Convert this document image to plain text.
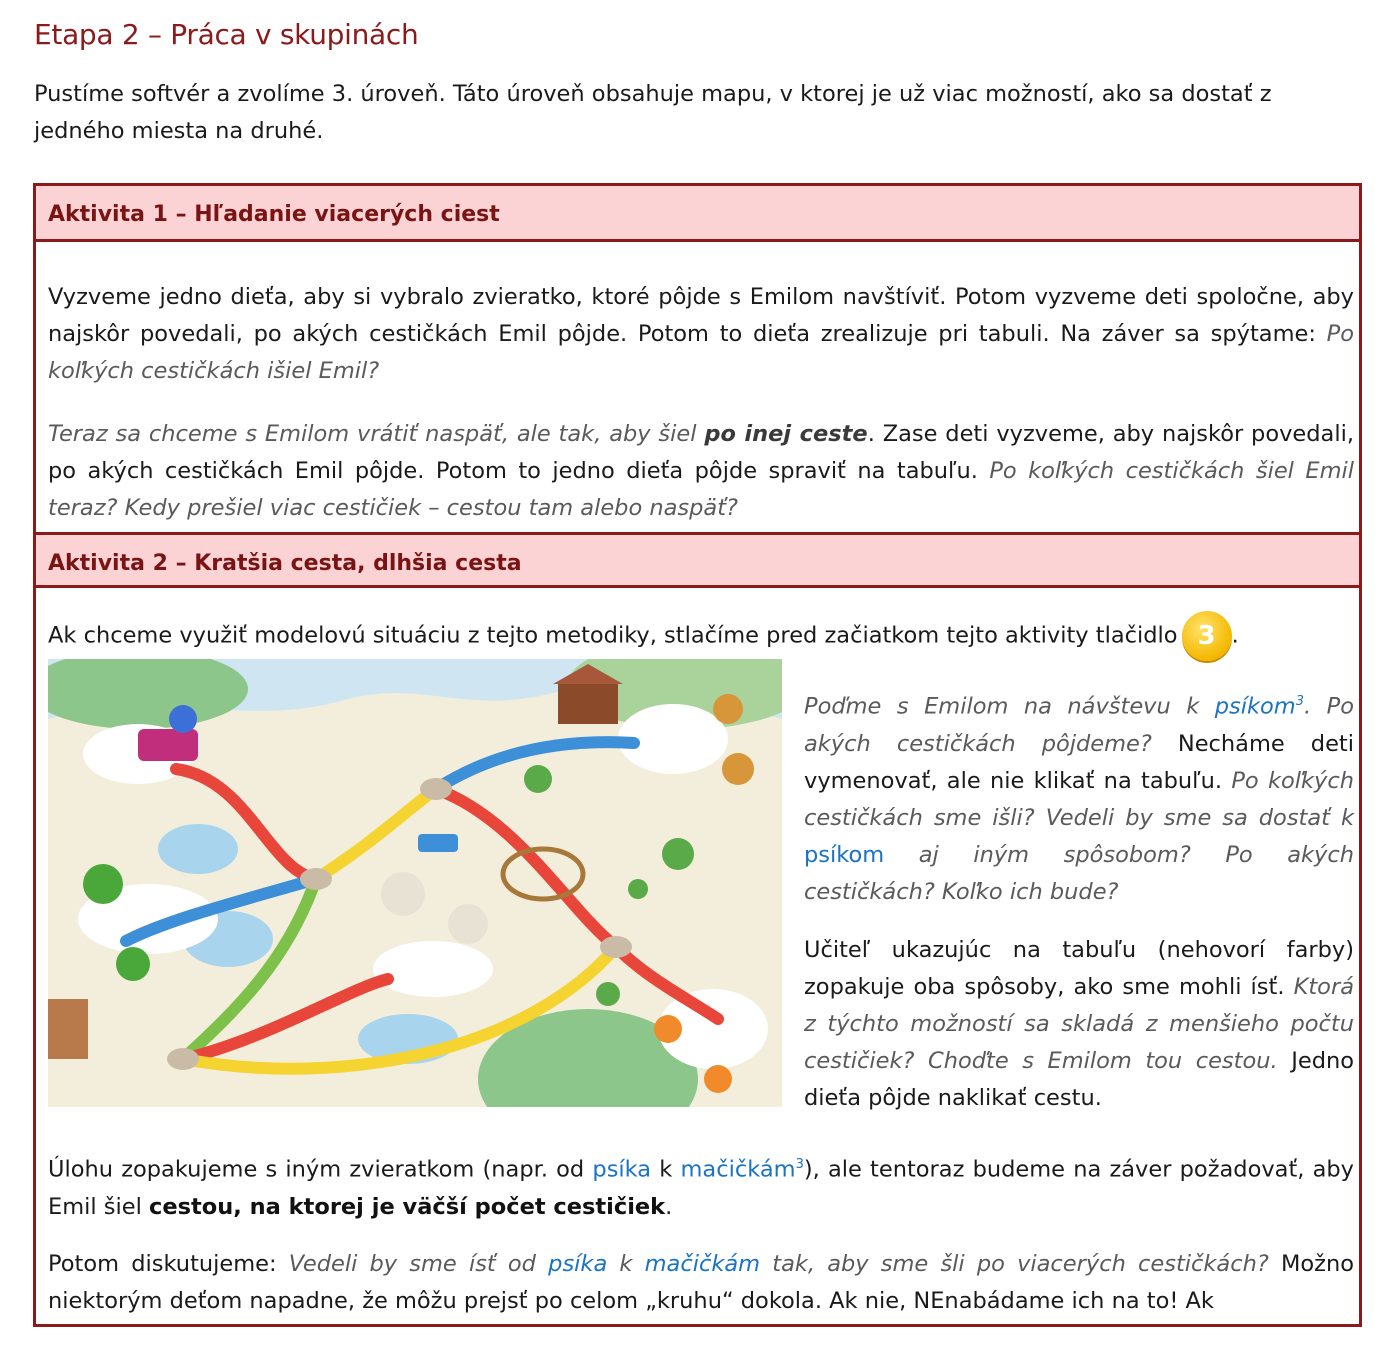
Etapa 2 – Práca v skupinách
Pustíme softvér a zvolíme 3. úroveň. Táto úroveň obsahuje mapu, v ktorej je už viac možností, ako sa dostať z jedného miesta na druhé.
Aktivita 1 – Hľadanie viacerých ciest
Vyzveme jedno dieťa, aby si vybralo zvieratko, ktoré pôjde s Emilom navštíviť. Potom vyzveme deti spoločne, aby najskôr povedali, po akých cestičkách Emil pôjde. Potom to dieťa zrealizuje pri tabuli. Na záver sa spýtame: Po koľkých cestičkách išiel Emil?
Teraz sa chceme s Emilom vrátiť naspäť, ale tak, aby šiel po inej ceste. Zase deti vyzveme, aby najskôr povedali, po akých cestičkách Emil pôjde. Potom to jedno dieťa pôjde spraviť na tabuľu. Po koľkých cestičkách šiel Emil teraz? Kedy prešiel viac cestičiek – cestou tam alebo naspäť?
Aktivita 2 – Kratšia cesta, dlhšia cesta
Ak chceme využiť modelovú situáciu z tejto metodiky, stlačíme pred začiatkom tejto aktivity tlačidlo 3 .
Poďme s Emilom na návštevu k psíkom$^3$. Po akých cestičkách pôjdeme? Necháme deti vymenovať, ale nie klikať na tabuľu. Po koľkých cestičkách sme išli? Vedeli by sme sa dostať k psíkom aj iným spôsobom? Po akých cestičkách? Koľko ich bude?
Učiteľ ukazujúc na tabuľu (nehovorí farby) zopakuje oba spôsoby, ako sme mohli ísť. Ktorá z týchto možností sa skladá z menšieho počtu cestičiek? Choďte s Emilom tou cestou. Jedno dieťa pôjde naklikať cestu.
Úlohu zopakujeme s iným zvieratkom (napr. od psíka k mačičkám$^3$), ale tentoraz budeme na záver požadovať, aby Emil šiel cestou, na ktorej je väčší počet cestičiek.
Potom diskutujeme: Vedeli by sme ísť od psíka k mačičkám tak, aby sme šli po viacerých cestičkách? Možno niektorým deťom napadne, že môžu prejsť po celom „kruhu“ dokola. Ak nie, NEnabádame ich na to! Ak
